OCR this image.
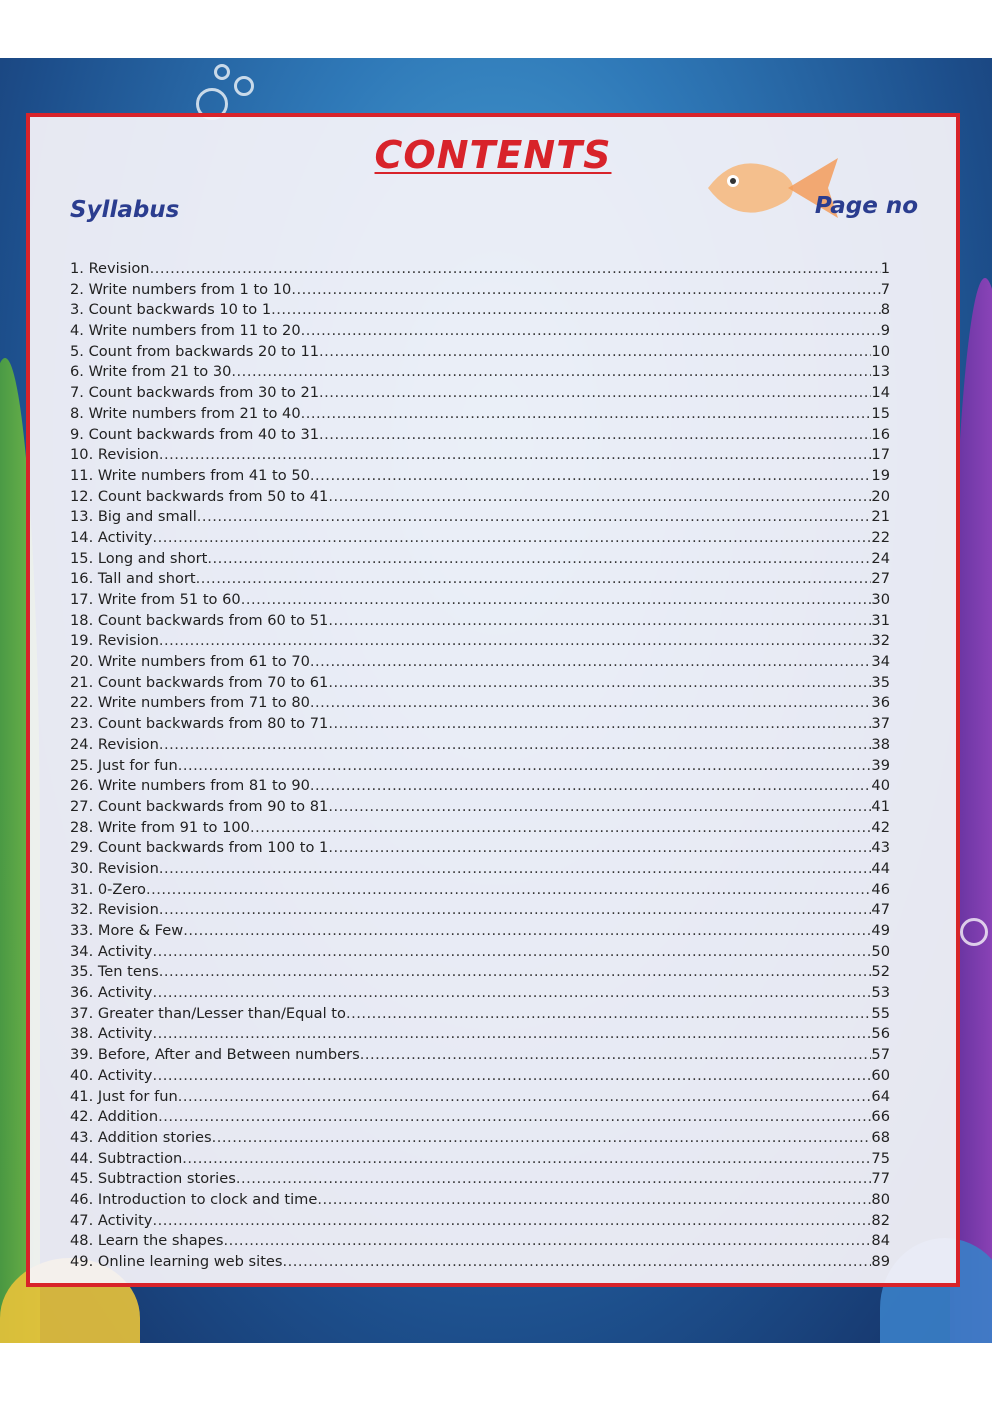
CONTENTS
Syllabus	Page no
1. Revision .....	1
2. Write numbers from 1 to 10 .....	7
3. Count backwards 10 to 1 .....	8
4. Write numbers from 11 to 20 .....	9
5. Count from backwards 20 to 11 .....	10
6. Write from 21 to 30 .....	13
7. Count backwards from 30 to 21 .....	14
8. Write numbers from 21 to 40 .....	15
9. Count backwards from 40 to 31 .....	16
10. Revision .....	17
11. Write numbers from 41 to 50 .....	19
12. Count backwards from 50 to 41 .....	20
13. Big and small .....	21
14. Activity .....	22
15. Long and short .....	24
16. Tall and short .....	27
17. Write from 51 to 60 .....	30
18. Count backwards from 60 to 51 .....	31
19. Revision .....	32
20. Write numbers from 61 to 70 .....	34
21. Count backwards from 70 to 61 .....	35
22. Write numbers from 71 to 80 .....	36
23. Count backwards from 80 to 71 .....	37
24. Revision .....	38
25. Just for fun .....	39
26. Write numbers from 81 to 90 .....	40
27. Count backwards from 90 to 81 .....	41
28. Write from 91 to 100 .....	42
29. Count backwards from 100 to 1 .....	43
30. Revision .....	44
31. 0-Zero .....	46
32. Revision .....	47
33. More & Few .....	49
34. Activity .....	50
35. Ten tens .....	52
36. Activity .....	53
37. Greater than/Lesser than/Equal to .....	55
38. Activity .....	56
39. Before, After and Between numbers .....	57
40. Activity .....	60
41. Just for fun .....	64
42. Addition .....	66
43. Addition stories .....	68
44. Subtraction .....	75
45. Subtraction stories .....	77
46. Introduction to clock and time .....	80
47. Activity .....	82
48. Learn the shapes .....	84
49. Online learning web sites .....	89
